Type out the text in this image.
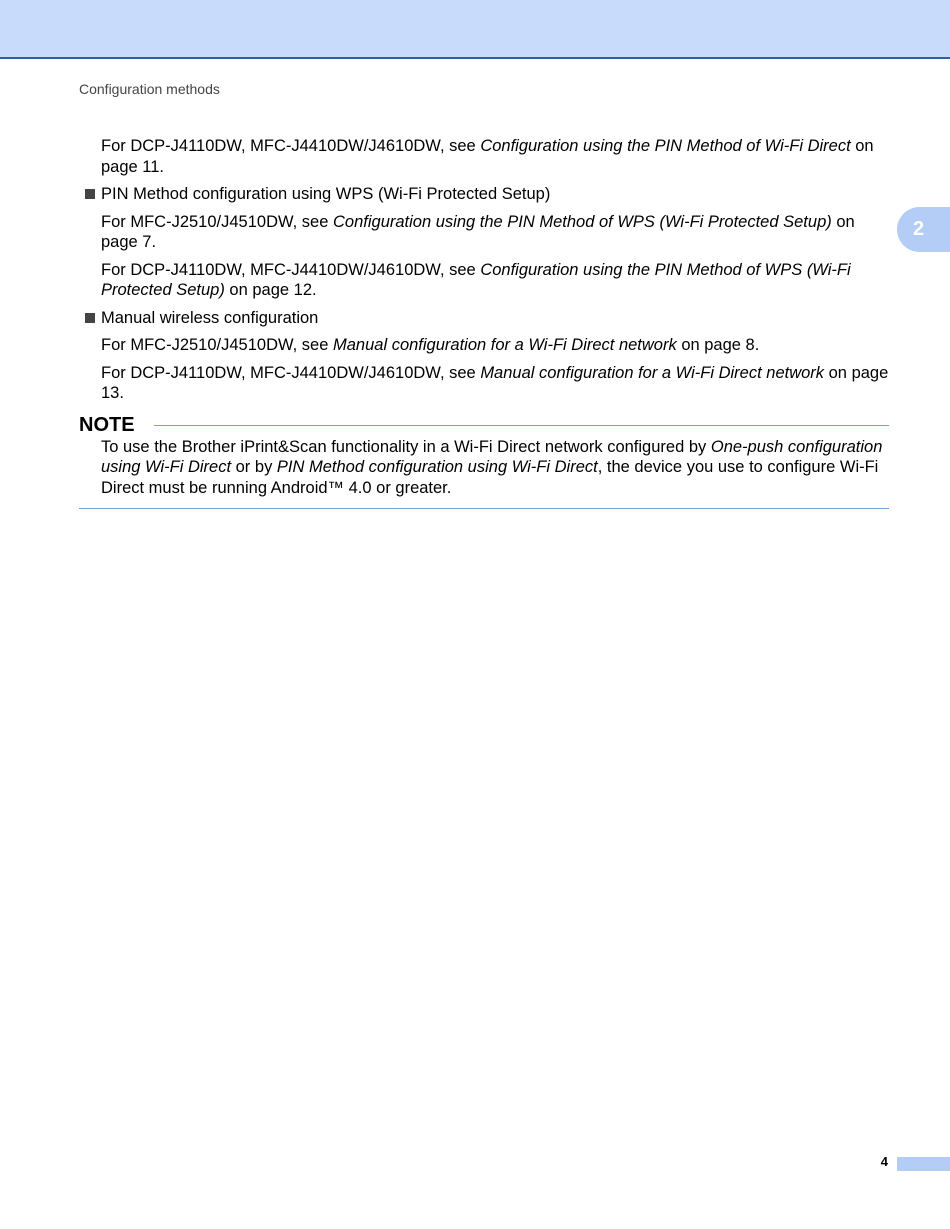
Configuration methods
2

For DCP-J4110DW, MFC-J4410DW/J4610DW, see Configuration using the PIN Method of Wi-Fi Direct on page 11.

PIN Method configuration using WPS (Wi-Fi Protected Setup)

For MFC-J2510/J4510DW, see Configuration using the PIN Method of WPS (Wi-Fi Protected Setup) on page 7.

For DCP-J4110DW, MFC-J4410DW/J4610DW, see Configuration using the PIN Method of WPS (Wi-Fi Protected Setup) on page 12.

Manual wireless configuration

For MFC-J2510/J4510DW, see Manual configuration for a Wi-Fi Direct network on page 8.

For DCP-J4110DW, MFC-J4410DW/J4610DW, see Manual configuration for a Wi-Fi Direct network on page 13.

NOTE
To use the Brother iPrint&Scan functionality in a Wi-Fi Direct network configured by One-push configuration using Wi-Fi Direct or by PIN Method configuration using Wi-Fi Direct, the device you use to configure Wi-Fi Direct must be running Android™ 4.0 or greater.
4
